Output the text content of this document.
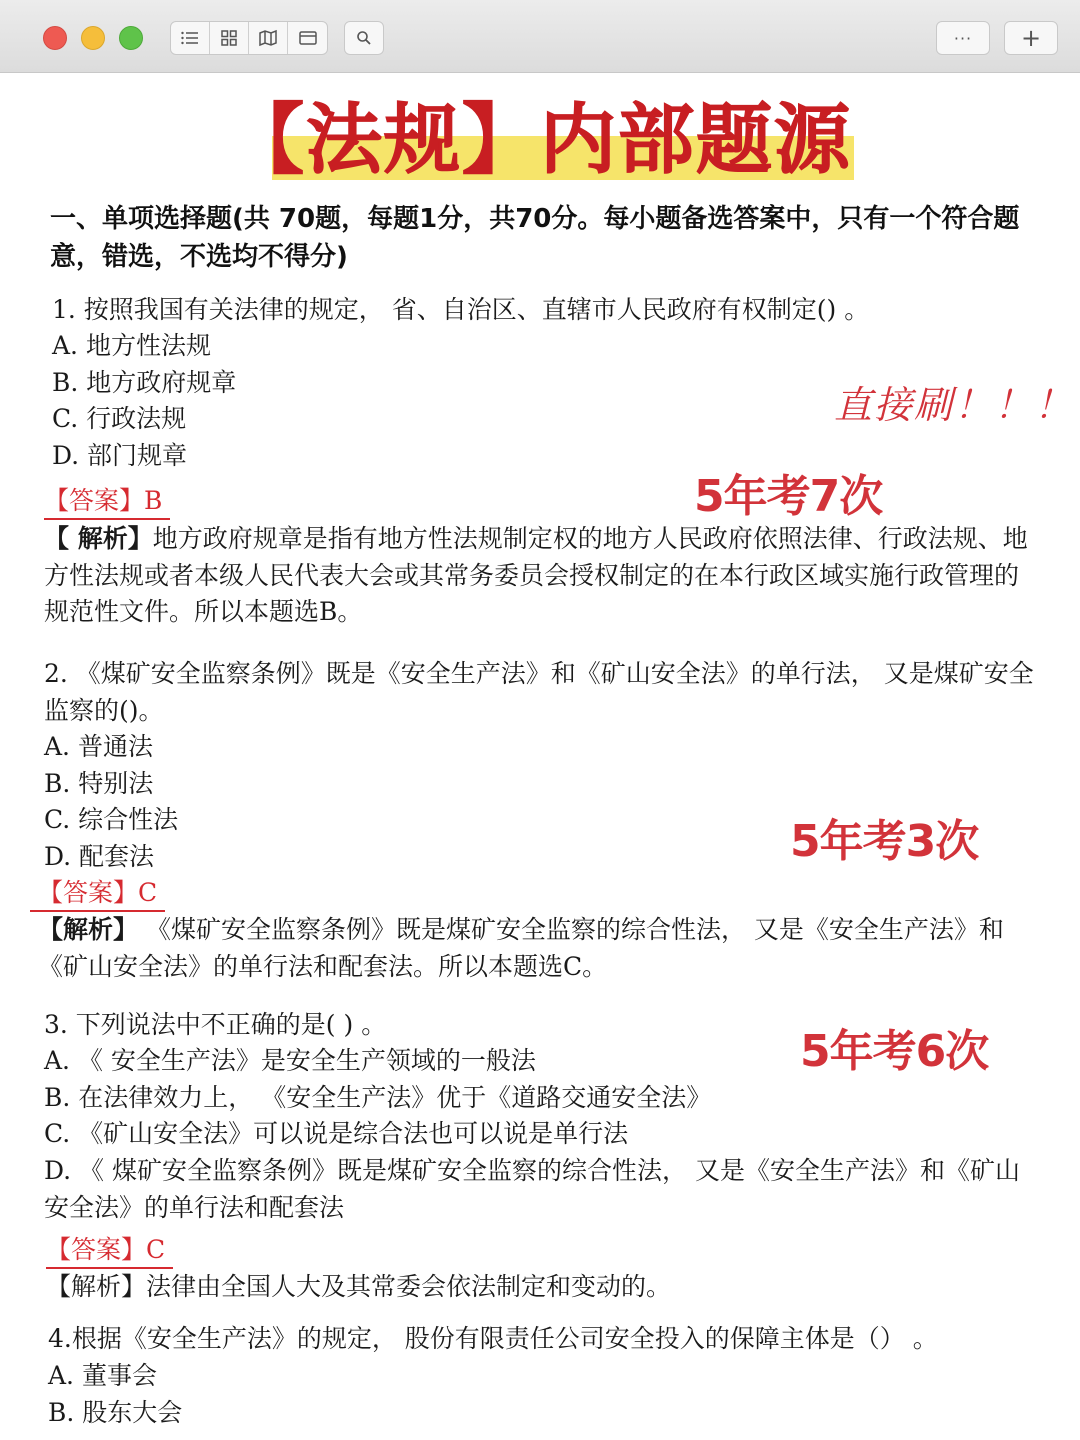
··· +
【法规】内部题源
一、单项选择题(共 70题，每题1分，共70分。每小题备选答案中，只有一个符合题意，错选，不选均不得分)
1. 按照我国有关法律的规定， 省、自治区、直辖市人民政府有权制定() 。
A. 地方性法规
B. 地方政府规章
C. 行政法规
D. 部门规章
【答案】B
【 解析】地方政府规章是指有地方性法规制定权的地方人民政府依照法律、行政法规、地方性法规或者本级人民代表大会或其常务委员会授权制定的在本行政区域实施行政管理的规范性文件。所以本题选B。
2. 《煤矿安全监察条例》既是《安全生产法》和《矿山安全法》的单行法， 又是煤矿安全监察的()。
A. 普通法
B. 特别法
C. 综合性法
D. 配套法
【答案】C
【解析】 《煤矿安全监察条例》既是煤矿安全监察的综合性法， 又是《安全生产法》和《矿山安全法》的单行法和配套法。所以本题选C。
3. 下列说法中不正确的是( ) 。
A. 《 安全生产法》是安全生产领域的一般法
B. 在法律效力上， 《安全生产法》优于《道路交通安全法》
C. 《矿山安全法》可以说是综合法也可以说是单行法
D. 《 煤矿安全监察条例》既是煤矿安全监察的综合性法， 又是《安全生产法》和《矿山安全法》的单行法和配套法
【答案】C
【解析】法律由全国人大及其常委会依法制定和变动的。
4.根据《安全生产法》的规定， 股份有限责任公司安全投入的保障主体是（） 。
A. 董事会
B. 股东大会
直接刷！！！
5年考7次
5年考3次
5年考6次
